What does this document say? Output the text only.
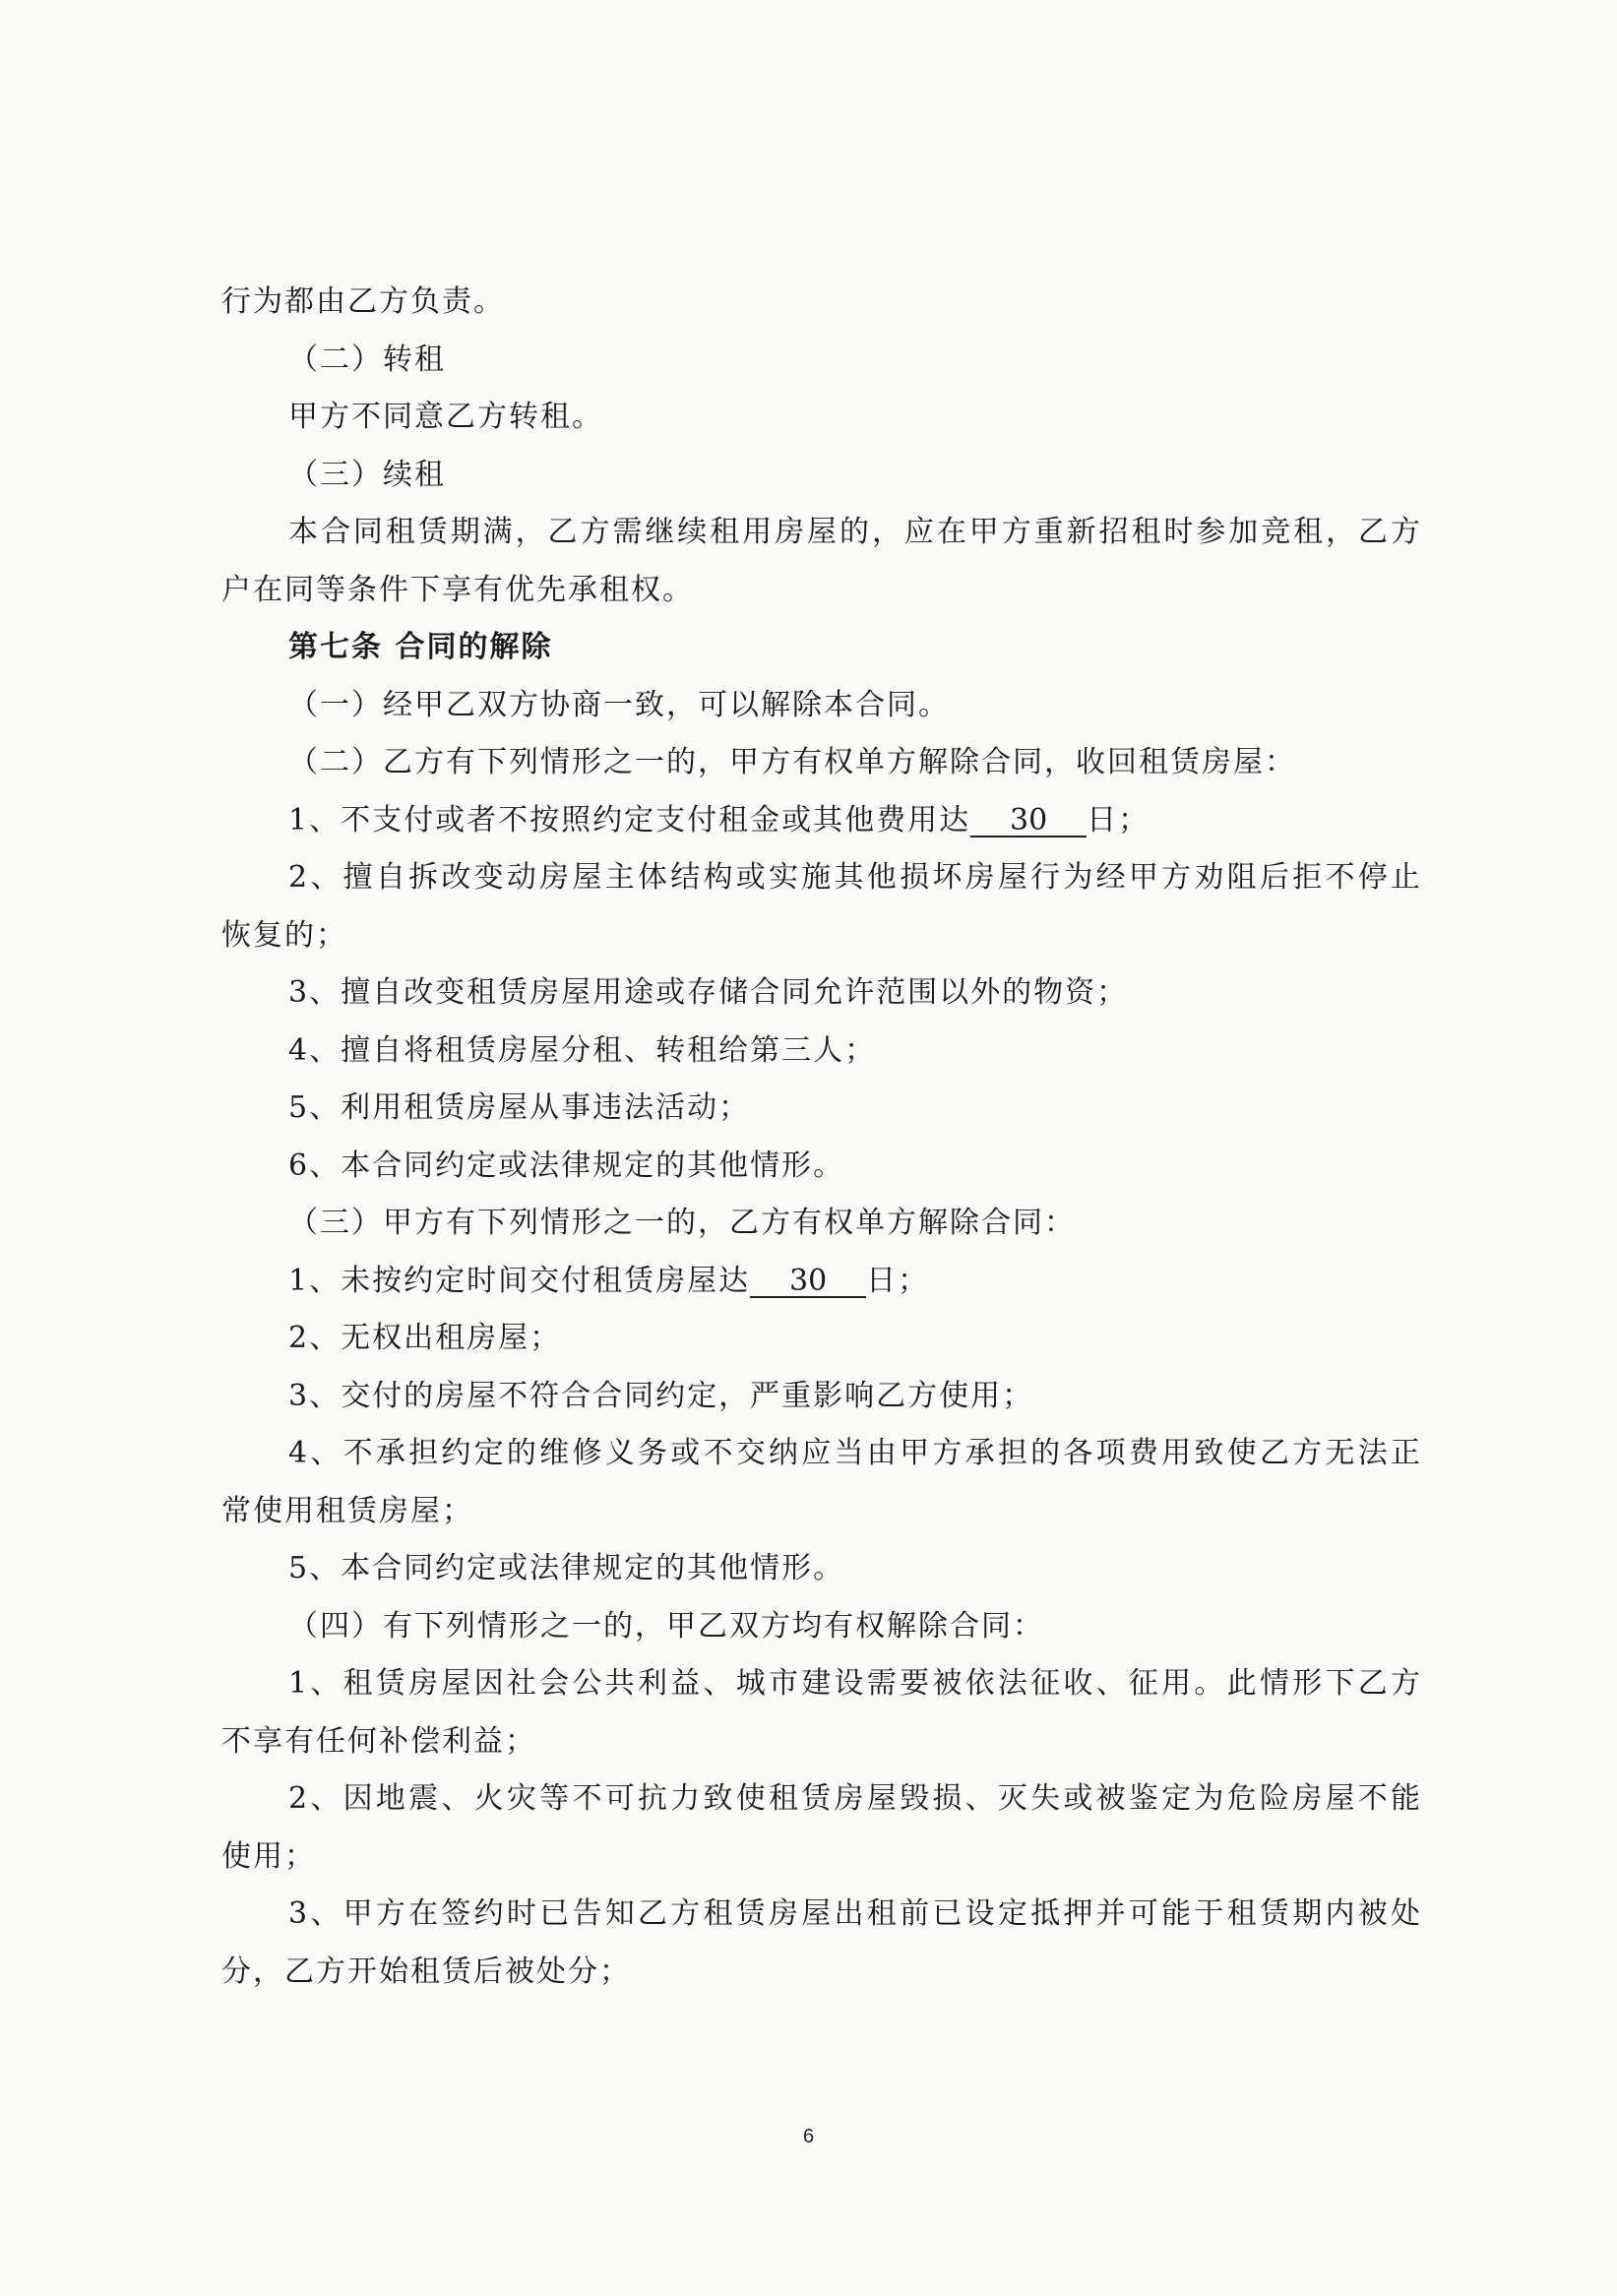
行为都由乙方负责。
（二）转租
甲方不同意乙方转租。
（三）续租
本合同租赁期满，乙方需继续租用房屋的，应在甲方重新招租时参加竞租，乙方
户在同等条件下享有优先承租权。
第七条 合同的解除
（一）经甲乙双方协商一致，可以解除本合同。
（二）乙方有下列情形之一的，甲方有权单方解除合同，收回租赁房屋：
1、不支付或者不按照约定支付租金或其他费用达 30 日；
2、擅自拆改变动房屋主体结构或实施其他损坏房屋行为经甲方劝阻后拒不停止
恢复的；
3、擅自改变租赁房屋用途或存储合同允许范围以外的物资；
4、擅自将租赁房屋分租、转租给第三人；
5、利用租赁房屋从事违法活动；
6、本合同约定或法律规定的其他情形。
（三）甲方有下列情形之一的，乙方有权单方解除合同：
1、未按约定时间交付租赁房屋达 30 日；
2、无权出租房屋；
3、交付的房屋不符合合同约定，严重影响乙方使用；
4、不承担约定的维修义务或不交纳应当由甲方承担的各项费用致使乙方无法正
常使用租赁房屋；
5、本合同约定或法律规定的其他情形。
（四）有下列情形之一的，甲乙双方均有权解除合同：
1、租赁房屋因社会公共利益、城市建设需要被依法征收、征用。此情形下乙方
不享有任何补偿利益；
2、因地震、火灾等不可抗力致使租赁房屋毁损、灭失或被鉴定为危险房屋不能
使用；
3、甲方在签约时已告知乙方租赁房屋出租前已设定抵押并可能于租赁期内被处
分，乙方开始租赁后被处分；
6
